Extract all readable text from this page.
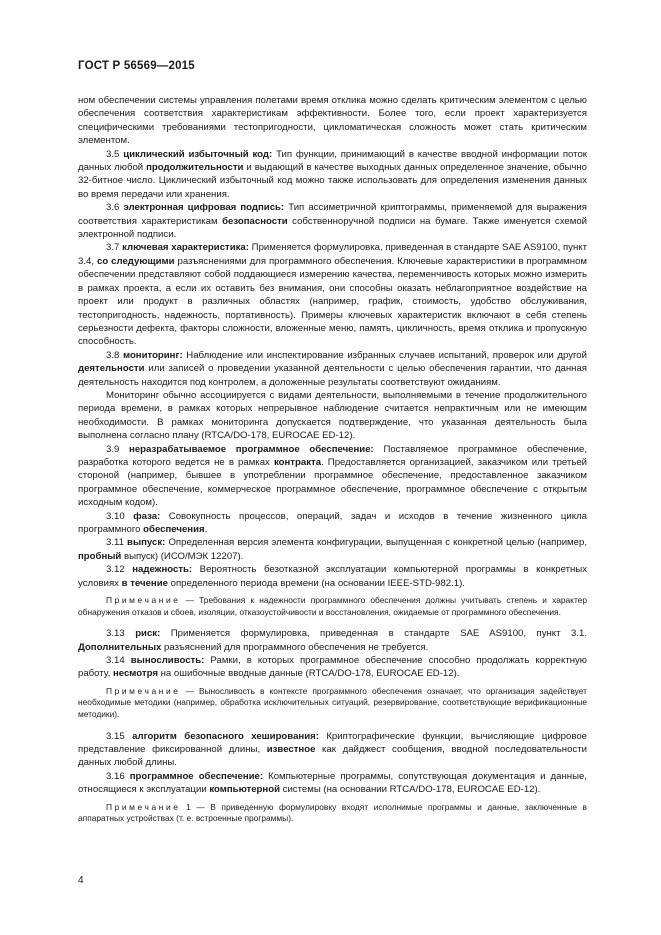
ГОСТ Р 56569—2015

ном обеспечении системы управления полетами время отклика можно сделать критическим элементом с целью обеспечения соответствия характеристикам эффективности. Более того, если проект характеризуется специфическими требованиями тестопригодности, цикломатическая сложность может стать критическим элементом.

3.5 циклический избыточный код: Тип функции, принимающий в качестве вводной информации поток данных любой продолжительности и выдающий в качестве выходных данных определенное значение, обычно 32-битное число. Циклический избыточный код можно также использовать для определения изменения данных во время передачи или хранения.

3.6 электронная цифровая подпись: Тип ассиметричной криптограммы, применяемой для выражения соответствия характеристикам безопасности собственноручной подписи на бумаге. Также именуется схемой электронной подписи.

3.7 ключевая характеристика: Применяется формулировка, приведенная в стандарте SAE AS9100, пункт 3.4, со следующими разъяснениями для программного обеспечения. Ключевые характеристики в программном обеспечении представляют собой поддающиеся измерению качества, переменчивость которых можно измерить в рамках проекта, а если их оставить без внимания, они способны оказать неблагоприятное воздействие на проект или продукт в различных областях (например, график, стоимость, удобство обслуживания, тестопригодность, надежность, портативность). Примеры ключевых характеристик включают в себя степень серьезности дефекта, факторы сложности, вложенные меню, память, цикличность, время отклика и пропускную способность.

3.8 мониторинг: Наблюдение или инспектирование избранных случаев испытаний, проверок или другой деятельности или записей о проведении указанной деятельности с целью обеспечения гарантии, что данная деятельность находится под контролем, а доложенные результаты соответствуют ожиданиям.

Мониторинг обычно ассоциируется с видами деятельности, выполняемыми в течение продолжительного периода времени, в рамках которых непрерывное наблюдение считается непрактичным или не имеющим необходимости. В рамках мониторинга допускается подтверждение, что указанная деятельность была выполнена согласно плану (RTCA/DO-178, EUROCAE ED-12).

3.9 неразрабатываемое программное обеспечение: Поставляемое программное обеспечение, разработка которого ведется не в рамках контракта. Предоставляется организацией, заказчиком или третьей стороной (например, бывшее в употреблении программное обеспечение, предоставленное заказчиком программное обеспечение, коммерческое программное обеспечение, программное обеспечение с открытым исходным кодом).

3.10 фаза: Совокупность процессов, операций, задач и исходов в течение жизненного цикла программного обеспечения.

3.11 выпуск: Определенная версия элемента конфигурации, выпущенная с конкретной целью (например, пробный выпуск) (ИСО/МЭК 12207).

3.12 надежность: Вероятность безотказной эксплуатации компьютерной программы в конкретных условиях в течение определенного периода времени (на основании IEEE-STD-982.1).

Примечание — Требования к надежности программного обеспечения должны учитывать степень и характер обнаружения отказов и сбоев, изоляции, отказоустойчивости и восстановления, ожидаемые от программного обеспечения.

3.13 риск: Применяется формулировка, приведенная в стандарте SAE AS9100, пункт 3.1. Дополнительных разъяснений для программного обеспечения не требуется.

3.14 выносливость: Рамки, в которых программное обеспечение способно продолжать корректную работу, несмотря на ошибочные вводные данные (RTCA/DO-178, EUROCAE ED-12).

Примечание — Выносливость в контексте программного обеспечения означает, что организация задействует необходимые методики (например, обработка исключительных ситуаций, резервирование, соответствующие верификационные методики).

3.15 алгоритм безопасного хеширования: Криптографические функции, вычисляющие цифровое представление фиксированной длины, известное как дайджест сообщения, вводной последовательности данных любой длины.

3.16 программное обеспечение: Компьютерные программы, сопутствующая документация и данные, относящиеся к эксплуатации компьютерной системы (на основании RTCA/DO-178, EUROCAE ED-12).

Примечание 1 — В приведенную формулировку входят исполнимые программы и данные, заключенные в аппаратных устройствах (т. е. встроенные программы).

4
